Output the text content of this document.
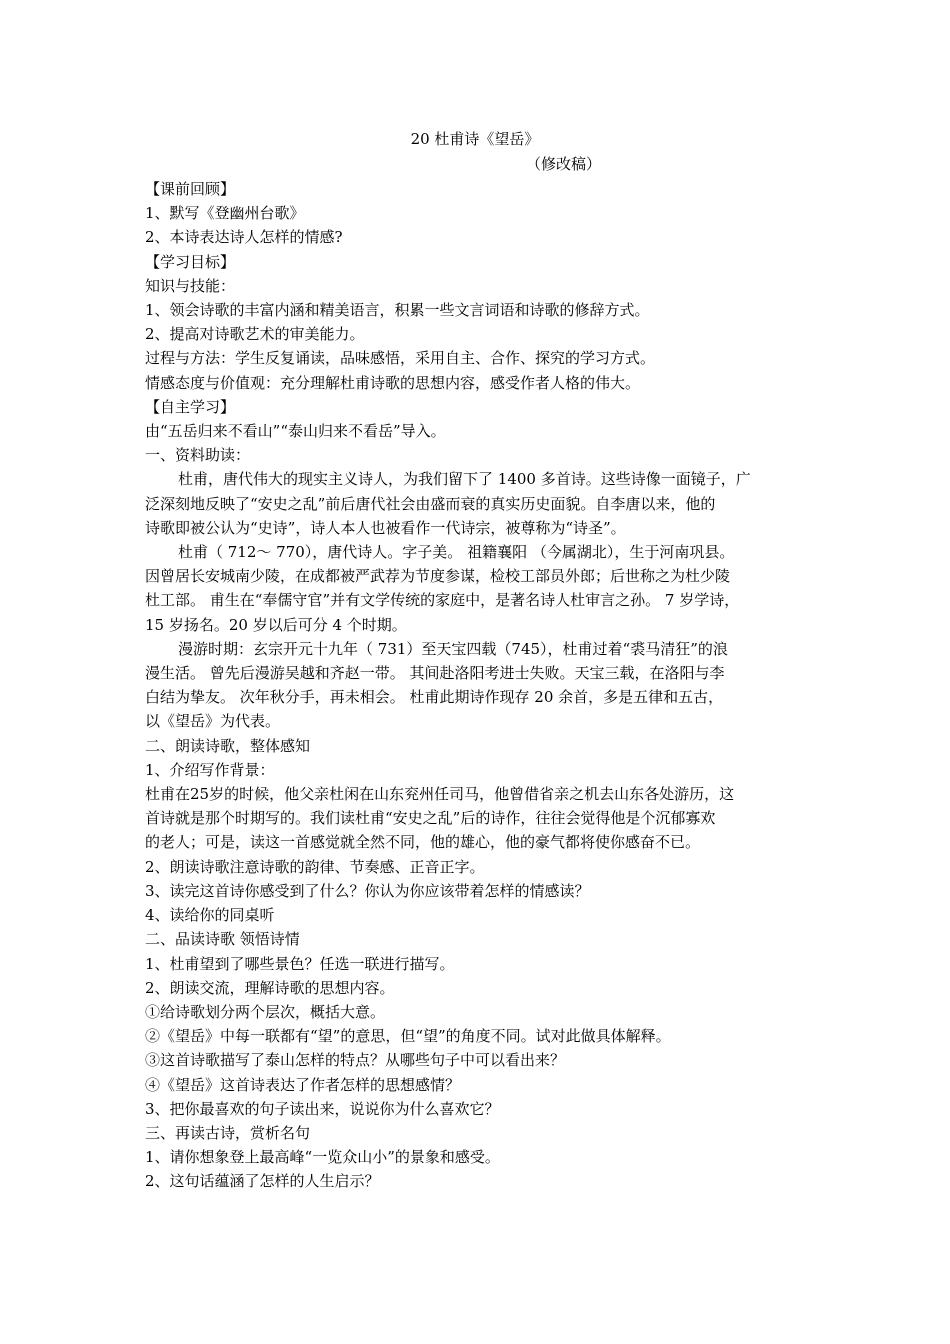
20 杜甫诗《望岳》
（修改稿）

【课前回顾】

1、默写《登幽州台歌》

2、本诗表达诗人怎样的情感?

【学习目标】

知识与技能：

1、领会诗歌的丰富内涵和精美语言，积累一些文言词语和诗歌的修辞方式。

2、提高对诗歌艺术的审美能力。

过程与方法：学生反复诵读，品味感悟，采用自主、合作、探究的学习方式。

情感态度与价值观：充分理解杜甫诗歌的思想内容，感受作者人格的伟大。

【自主学习】

由“五岳归来不看山”“泰山归来不看岳”导入。

一、资料助读：

杜甫，唐代伟大的现实主义诗人，为我们留下了 1400 多首诗。这些诗像一面镜子，广

泛深刻地反映了“安史之乱”前后唐代社会由盛而衰的真实历史面貌。自李唐以来，他的

诗歌即被公认为“史诗”，诗人本人也被看作一代诗宗，被尊称为“诗圣”。

杜甫（ 712～ 770），唐代诗人。字子美。 祖籍襄阳 （今属湖北），生于河南巩县。

因曾居长安城南少陵，在成都被严武荐为节度参谋，检校工部员外郎；后世称之为杜少陵

杜工部。 甫生在“奉儒守官”并有文学传统的家庭中，是著名诗人杜审言之孙。 7 岁学诗，

15 岁扬名。20 岁以后可分 4 个时期。

漫游时期：玄宗开元十九年（ 731）至天宝四载（745），杜甫过着“裘马清狂”的浪

漫生活。 曾先后漫游吴越和齐赵一带。 其间赴洛阳考进士失败。天宝三载，在洛阳与李

白结为挚友。 次年秋分手，再未相会。 杜甫此期诗作现存 20 余首，多是五律和五古，

以《望岳》为代表。

二、朗读诗歌，整体感知

1、介绍写作背景：

杜甫在25岁的时候，他父亲杜闲在山东兖州任司马，他曾借省亲之机去山东各处游历，这

首诗就是那个时期写的。我们读杜甫“安史之乱”后的诗作，往往会觉得他是个沉郁寡欢

的老人；可是，读这一首感觉就全然不同，他的雄心，他的豪气都将使你感奋不已。

2、朗读诗歌注意诗歌的韵律、节奏感、正音正字。

3、读完这首诗你感受到了什么？你认为你应该带着怎样的情感读？

4、读给你的同桌听

二、品读诗歌 领悟诗情

1、杜甫望到了哪些景色？任选一联进行描写。

2、朗读交流，理解诗歌的思想内容。

①给诗歌划分两个层次，概括大意。

②《望岳》中每一联都有“望”的意思，但“望”的角度不同。试对此做具体解释。

③这首诗歌描写了泰山怎样的特点？从哪些句子中可以看出来？

④《望岳》这首诗表达了作者怎样的思想感情？

3、把你最喜欢的句子读出来，说说你为什么喜欢它？

三、再读古诗，赏析名句

1、请你想象登上最高峰“一览众山小”的景象和感受。

2、这句话蕴涵了怎样的人生启示？
